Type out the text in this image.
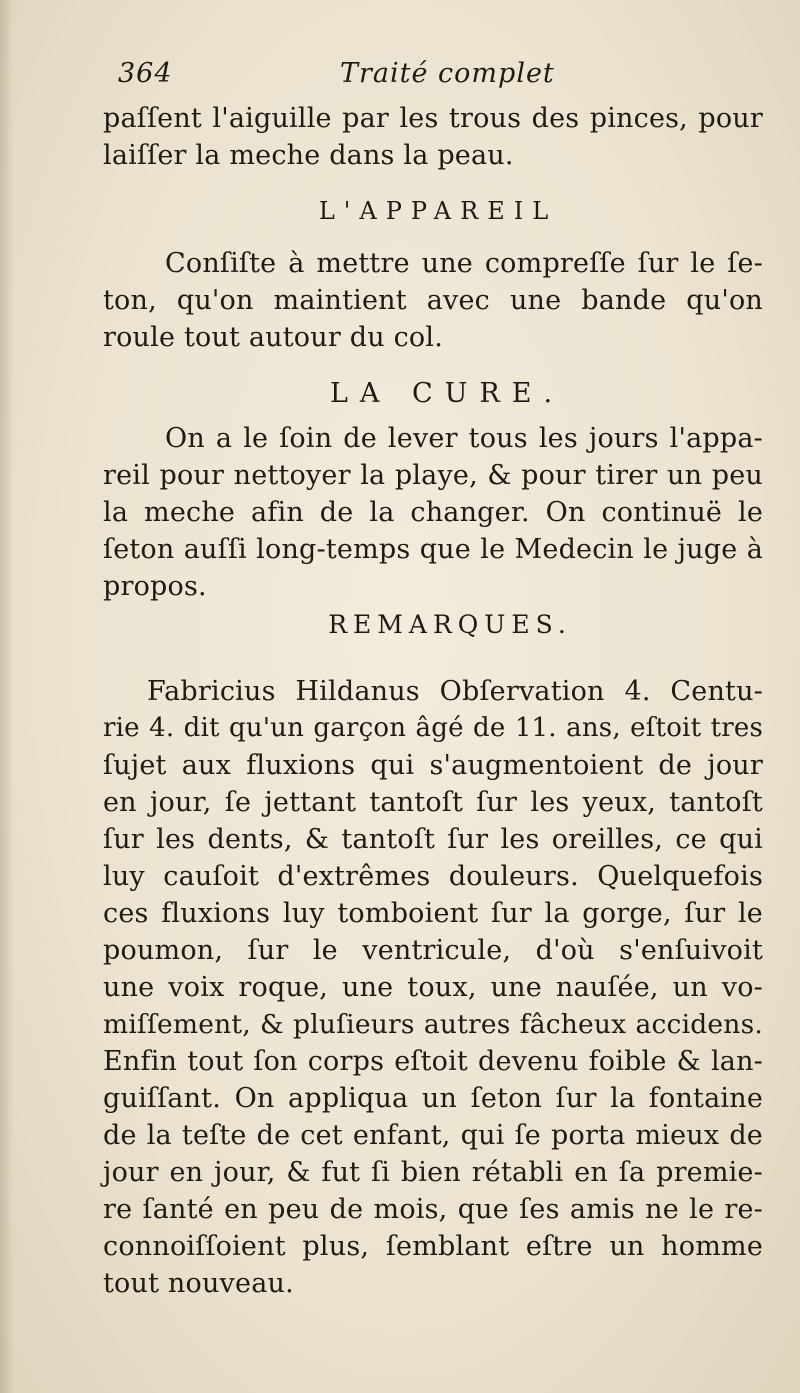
364	Traité complet
paſſent l'aiguille par les trous des pinces, pour
laiſſer la meche dans la peau.
L'APPAREIL
Conſiſte à mettre une compreſſe ſur le ſe-
ton, qu'on maintient avec une bande qu'on
roule tout autour du col.
LA CURE.
On a le ſoin de lever tous les jours l'appa-
reil pour nettoyer la playe, & pour tirer un peu
la meche afin de la changer. On continuë le
ſeton auſſi long-temps que le Medecin le juge à
propos.
REMARQUES.
Fabricius Hildanus Obſervation 4. Centu-
rie 4. dit qu'un garçon âgé de 11. ans, eſtoit tres
ſujet aux fluxions qui s'augmentoient de jour
en jour, ſe jettant tantoſt ſur les yeux, tantoſt
ſur les dents, & tantoſt ſur les oreilles, ce qui
luy cauſoit d'extrêmes douleurs. Quelquefois
ces fluxions luy tomboient ſur la gorge, ſur le
poumon, ſur le ventricule, d'où s'enſuivoit
une voix roque, une toux, une nauſée, un vo-
miſſement, & pluſieurs autres fâcheux accidens.
Enfin tout ſon corps eſtoit devenu foible & lan-
guiſſant. On appliqua un ſeton ſur la fontaine
de la teſte de cet enfant, qui ſe porta mieux de
jour en jour, & fut ſi bien rétabli en ſa premie-
re ſanté en peu de mois, que ſes amis ne le re-
connoiſſoient plus, ſemblant eſtre un homme
tout nouveau.
